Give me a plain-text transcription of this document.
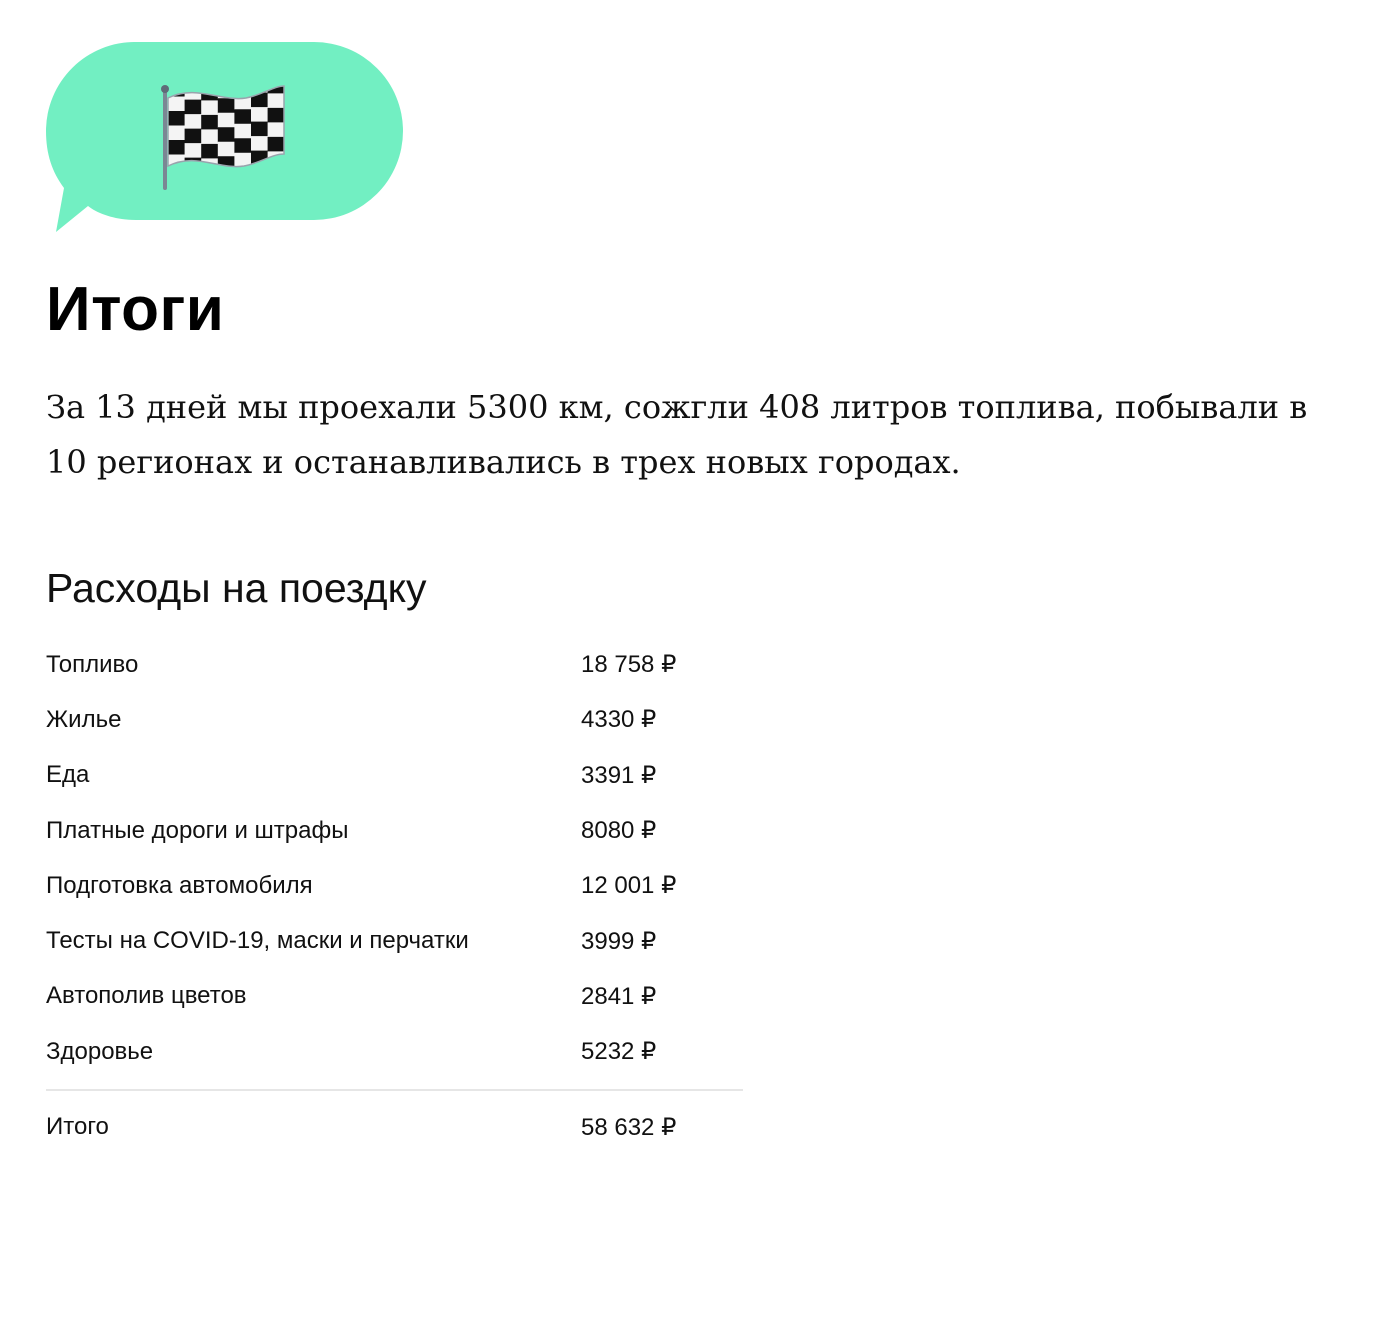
Итоги

За 13 дней мы проехали 5300 км, сожгли 408 литров топлива, побывали в 10 регионах и останавливались в трех новых городах.

Расходы на поездку
Топливо	18 758 ₽
Жилье	4330 ₽
Еда	3391 ₽
Платные дороги и штрафы	8080 ₽
Подготовка автомобиля	12 001 ₽
Тесты на COVID-19, маски и перчатки	3999 ₽
Автополив цветов	2841 ₽
Здоровье	5232 ₽
Итого	58 632 ₽
